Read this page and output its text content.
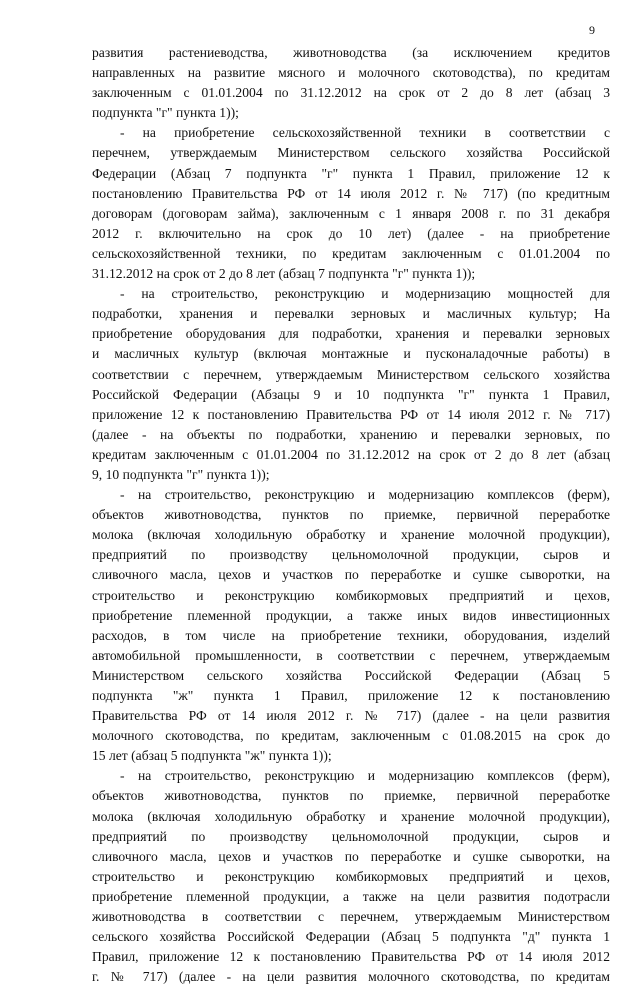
9
развития растениеводства, животноводства (за исключением кредитов
направленных на развитие мясного и молочного скотоводства), по кредитам
заключенным с 01.01.2004 по 31.12.2012 на срок от 2 до 8 лет (абзац 3
подпункта "г" пункта 1));
- на приобретение сельскохозяйственной техники в соответствии с
перечнем, утверждаемым Министерством сельского хозяйства Российской
Федерации (Абзац 7 подпункта "г" пункта 1 Правил, приложение 12 к
постановлению Правительства РФ от 14 июля 2012 г. № 717) (по кредитным
договорам (договорам займа), заключенным с 1 января 2008 г. по 31 декабря
2012 г. включительно на срок до 10 лет) (далее - на приобретение
сельскохозяйственной техники, по кредитам заключенным с 01.01.2004 по
31.12.2012 на срок от 2 до 8 лет (абзац 7 подпункта "г" пункта 1));
- на строительство, реконструкцию и модернизацию мощностей для
подработки, хранения и перевалки зерновых и масличных культур; На
приобретение оборудования для подработки, хранения и перевалки зерновых
и масличных культур (включая монтажные и пусконаладочные работы) в
соответствии с перечнем, утверждаемым Министерством сельского хозяйства
Российской Федерации (Абзацы 9 и 10 подпункта "г" пункта 1 Правил,
приложение 12 к постановлению Правительства РФ от 14 июля 2012 г. № 717)
(далее - на объекты по подработки, хранению и перевалки зерновых, по
кредитам заключенным с 01.01.2004 по 31.12.2012 на срок от 2 до 8 лет (абзац
9, 10 подпункта "г" пункта 1));
- на строительство, реконструкцию и модернизацию комплексов (ферм),
объектов животноводства, пунктов по приемке, первичной переработке
молока (включая холодильную обработку и хранение молочной продукции),
предприятий по производству цельномолочной продукции, сыров и
сливочного масла, цехов и участков по переработке и сушке сыворотки, на
строительство и реконструкцию комбикормовых предприятий и цехов,
приобретение племенной продукции, а также иных видов инвестиционных
расходов, в том числе на приобретение техники, оборудования, изделий
автомобильной промышленности, в соответствии с перечнем, утверждаемым
Министерством сельского хозяйства Российской Федерации (Абзац 5
подпункта "ж" пункта 1 Правил, приложение 12 к постановлению
Правительства РФ от 14 июля 2012 г. № 717) (далее - на цели развития
молочного скотоводства, по кредитам, заключенным с 01.08.2015 на срок до
15 лет (абзац 5 подпункта "ж" пункта 1));
- на строительство, реконструкцию и модернизацию комплексов (ферм),
объектов животноводства, пунктов по приемке, первичной переработке
молока (включая холодильную обработку и хранение молочной продукции),
предприятий по производству цельномолочной продукции, сыров и
сливочного масла, цехов и участков по переработке и сушке сыворотки, на
строительство и реконструкцию комбикормовых предприятий и цехов,
приобретение племенной продукции, а также на цели развития подотрасли
животноводства в соответствии с перечнем, утверждаемым Министерством
сельского хозяйства Российской Федерации (Абзац 5 подпункта "д" пункта 1
Правил, приложение 12 к постановлению Правительства РФ от 14 июля 2012
г. № 717) (далее - на цели развития молочного скотоводства, по кредитам
